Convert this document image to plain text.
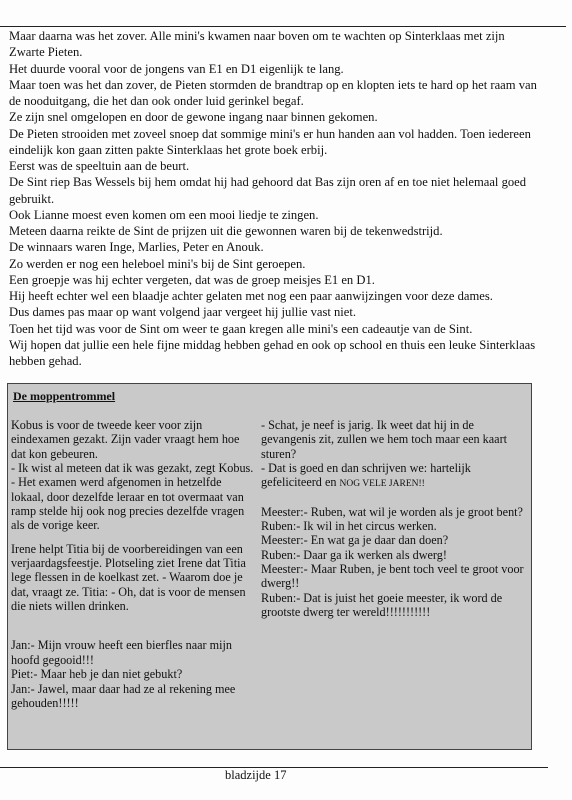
Maar daarna was het zover. Alle mini's kwamen naar boven om te wachten op Sinterklaas met zijn Zwarte Pieten.

Het duurde vooral voor de jongens van E1 en D1 eigenlijk te lang.

Maar toen was het dan zover, de Pieten stormden de brandtrap op en klopten iets te hard op het raam van de nooduitgang, die het dan ook onder luid gerinkel begaf.

Ze zijn snel omgelopen en door de gewone ingang naar binnen gekomen.

De Pieten strooiden met zoveel snoep dat sommige mini's er hun handen aan vol hadden. Toen iedereen eindelijk kon gaan zitten pakte Sinterklaas het grote boek erbij.

Eerst was de speeltuin aan de beurt.

De Sint riep Bas Wessels bij hem omdat hij had gehoord dat Bas zijn oren af en toe niet helemaal goed gebruikt.

Ook Lianne moest even komen om een mooi liedje te zingen.

Meteen daarna reikte de Sint de prijzen uit die gewonnen waren bij de tekenwedstrijd.

De winnaars waren Inge, Marlies, Peter en Anouk.

Zo werden er nog een heleboel mini's bij de Sint geroepen.

Een groepje was hij echter vergeten, dat was de groep meisjes E1 en D1.

Hij heeft echter wel een blaadje achter gelaten met nog een paar aanwijzingen voor deze dames.

Dus dames pas maar op want volgend jaar vergeet hij jullie vast niet.

Toen het tijd was voor de Sint om weer te gaan kregen alle mini's een cadeautje van de Sint.

Wij hopen dat jullie een hele fijne middag hebben gehad en ook op school en thuis een leuke Sinterklaas hebben gehad.

De moppentrommel

Kobus is voor de tweede keer voor zijn eindexamen gezakt. Zijn vader vraagt hem hoe dat kon gebeuren.

- Ik wist al meteen dat ik was gezakt, zegt Kobus.

- Het examen werd afgenomen in hetzelfde lokaal, door dezelfde leraar en tot overmaat van ramp stelde hij ook nog precies dezelfde vragen als de vorige keer.

Irene helpt Titia bij de voorbereidingen van een verjaardagsfeestje. Plotseling ziet Irene dat Titia lege flessen in de koelkast zet. - Waarom doe je dat, vraagt ze. Titia: - Oh, dat is voor de mensen die niets willen drinken.

Jan:- Mijn vrouw heeft een bierfles naar mijn hoofd gegooid!!!

Piet:- Maar heb je dan niet gebukt?

Jan:- Jawel, maar daar had ze al rekening mee gehouden!!!!!

- Schat, je neef is jarig. Ik weet dat hij in de gevangenis zit, zullen we hem toch maar een kaart sturen?

- Dat is goed en dan schrijven we: hartelijk gefeliciteerd en NOG VELE JAREN!!

Meester:- Ruben, wat wil je worden als je groot bent?

Ruben:- Ik wil in het circus werken.

Meester:- En wat ga je daar dan doen?

Ruben:- Daar ga ik werken als dwerg!

Meester:- Maar Ruben, je bent toch veel te groot voor dwerg!!

Ruben:- Dat is juist het goeie meester, ik word de grootste dwerg ter wereld!!!!!!!!!!!

bladzijde 17
